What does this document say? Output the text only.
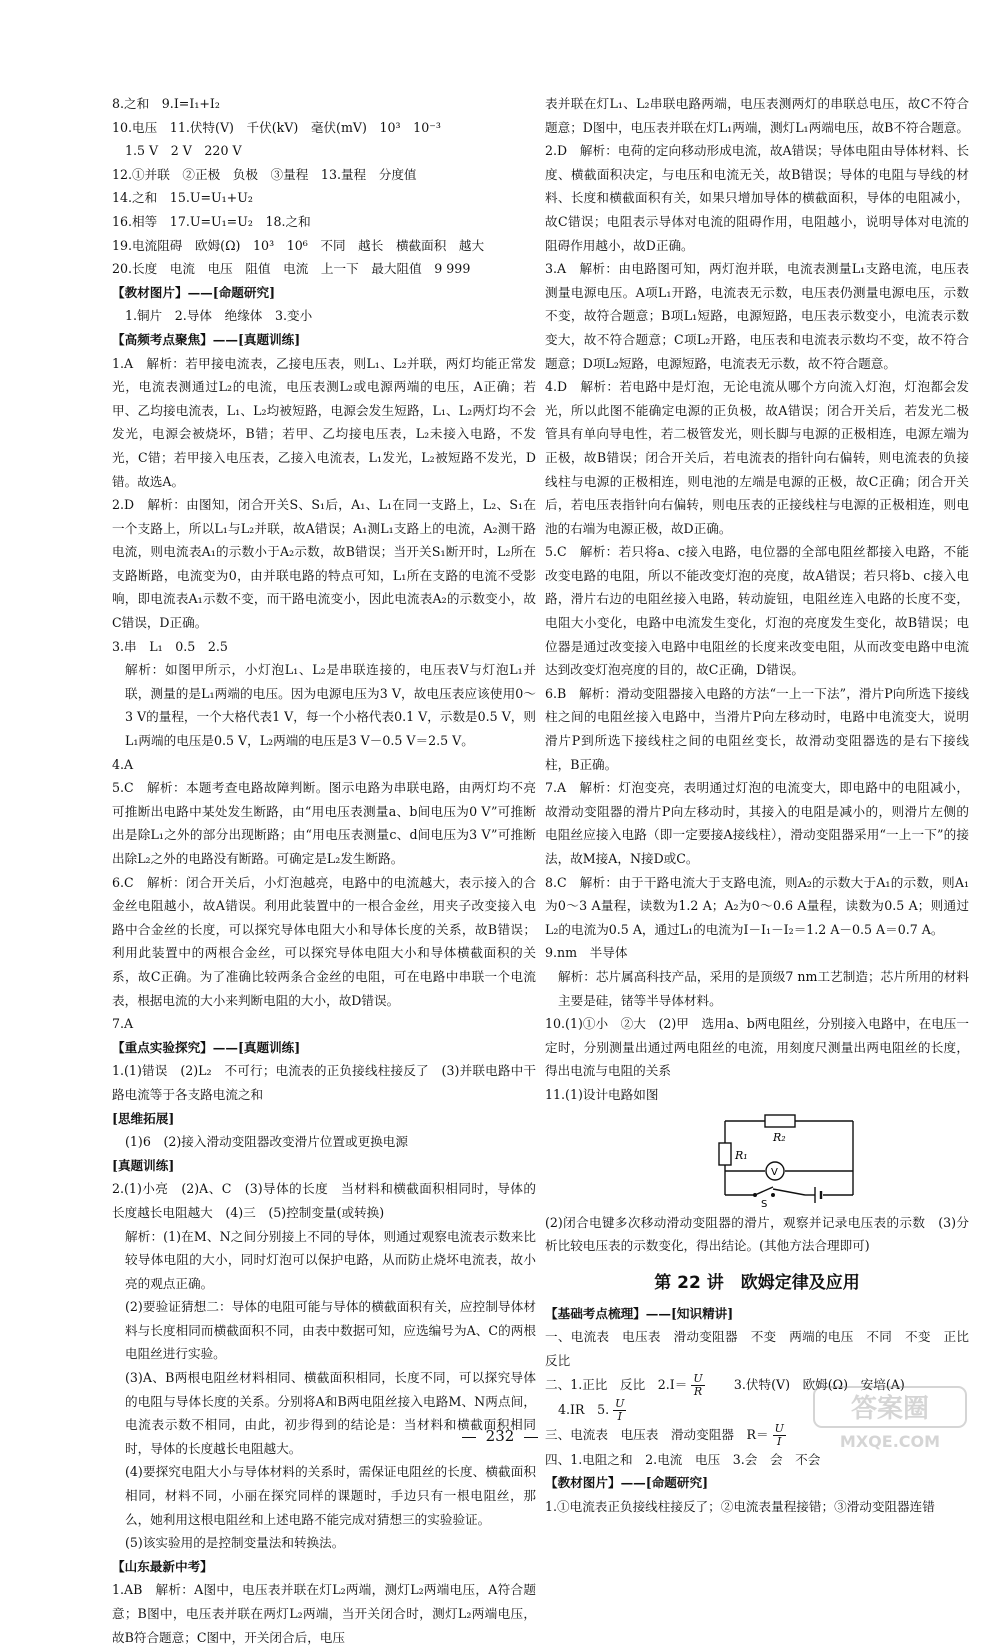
8.之和　9.I=I₁+I₂

10.电压　11.伏特(V)　千伏(kV)　毫伏(mV)　10³　10⁻³

1.5 V　2 V　220 V

12.①并联　②正极　负极　③量程　13.量程　分度值

14.之和　15.U=U₁+U₂

16.相等　17.U=U₁=U₂　18.之和

19.电流阻碍　欧姆(Ω)　10³　10⁶　不同　越长　横截面积　越大

20.长度　电流　电压　阻值　电流　上一下　最大阻值　9 999

【教材图片】——[命题研究]

1.铜片　2.导体　绝缘体　3.变小

【高频考点聚焦】——[真题训练]

1.A　解析：若甲接电流表，乙接电压表，则L₁、L₂并联，两灯均能正常发光，电流表测通过L₂的电流，电压表测L₂或电源两端的电压，A正确；若甲、乙均接电流表，L₁、L₂均被短路，电源会发生短路，L₁、L₂两灯均不会发光，电源会被烧坏，B错；若甲、乙均接电压表，L₂未接入电路，不发光，C错；若甲接入电压表，乙接入电流表，L₁发光，L₂被短路不发光，D错。故选A。

2.D　解析：由图知，闭合开关S、S₁后，A₁、L₁在同一支路上，L₂、S₁在一个支路上，所以L₁与L₂并联，故A错误；A₁测L₁支路上的电流，A₂测干路电流，则电流表A₁的示数小于A₂示数，故B错误；当开关S₁断开时，L₂所在支路断路，电流变为0，由并联电路的特点可知，L₁所在支路的电流不受影响，即电流表A₁示数不变，而干路电流变小，因此电流表A₂的示数变小，故C错误，D正确。

3.串　L₁　0.5　2.5

解析：如图甲所示，小灯泡L₁、L₂是串联连接的，电压表V与灯泡L₁并联，测量的是L₁两端的电压。因为电源电压为3 V，故电压表应该使用0～3 V的量程，一个大格代表1 V，每一个小格代表0.1 V，示数是0.5 V，则L₁两端的电压是0.5 V，L₂两端的电压是3 V－0.5 V＝2.5 V。

4.A

5.C　解析：本题考查电路故障判断。图示电路为串联电路，由两灯均不亮可推断出电路中某处发生断路，由“用电压表测量a、b间电压为0 V”可推断出是除L₁之外的部分出现断路；由“用电压表测量c、d间电压为3 V”可推断出除L₂之外的电路没有断路。可确定是L₂发生断路。

6.C　解析：闭合开关后，小灯泡越亮，电路中的电流越大，表示接入的合金丝电阻越小，故A错误。利用此装置中的一根合金丝，用夹子改变接入电路中合金丝的长度，可以探究导体电阻大小和导体长度的关系，故B错误；利用此装置中的两根合金丝，可以探究导体电阻大小和导体横截面积的关系，故C正确。为了准确比较两条合金丝的电阻，可在电路中串联一个电流表，根据电流的大小来判断电阻的大小，故D错误。

7.A

【重点实验探究】——[真题训练]

1.(1)错误　(2)L₂　不可行；电流表的正负接线柱接反了　(3)并联电路中干路电流等于各支路电流之和

[思维拓展]

(1)6　(2)接入滑动变阻器改变滑片位置或更换电源

[真题训练]

2.(1)小亮　(2)A、C　(3)导体的长度　当材料和横截面积相同时，导体的长度越长电阻越大　(4)三　(5)控制变量(或转换)

解析：(1)在M、N之间分别接上不同的导体，则通过观察电流表示数来比较导体电阻的大小，同时灯泡可以保护电路，从而防止烧坏电流表，故小亮的观点正确。

(2)要验证猜想二：导体的电阻可能与导体的横截面积有关，应控制导体材料与长度相同而横截面积不同，由表中数据可知，应选编号为A、C的两根电阻丝进行实验。

(3)A、B两根电阻丝材料相同、横截面积相同，长度不同，可以探究导体的电阻与导体长度的关系。分别将A和B两电阻丝接入电路M、N两点间，电流表示数不相同，由此，初步得到的结论是：当材料和横截面积相同时，导体的长度越长电阻越大。

(4)要探究电阻大小与导体材料的关系时，需保证电阻丝的长度、横截面积相同，材料不同，小丽在探究同样的课题时，手边只有一根电阻丝，那么，她利用这根电阻丝和上述电路不能完成对猜想三的实验验证。

(5)该实验用的是控制变量法和转换法。

【山东最新中考】

1.AB　解析：A图中，电压表并联在灯L₂两端，测灯L₂两端电压，A符合题意；B图中，电压表并联在两灯L₂两端，当开关闭合时，测灯L₂两端电压，故B符合题意；C图中，开关闭合后，电压

表并联在灯L₁、L₂串联电路两端，电压表测两灯的串联总电压，故C不符合题意；D图中，电压表并联在灯L₁两端，测灯L₁两端电压，故B不符合题意。

2.D　解析：电荷的定向移动形成电流，故A错误；导体电阻由导体材料、长度、横截面积决定，与电压和电流无关，故B错误；导体的电阻与导线的材料、长度和横截面积有关，如果只增加导体的横截面积，导体的电阻减小，故C错误；电阻表示导体对电流的阻碍作用，电阻越小，说明导体对电流的阻碍作用越小，故D正确。

3.A　解析：由电路图可知，两灯泡并联，电流表测量L₁支路电流，电压表测量电源电压。A项L₁开路，电流表无示数，电压表仍测量电源电压，示数不变，故符合题意；B项L₁短路，电源短路，电压表示数变小，电流表示数变大，故不符合题意；C项L₂开路，电压表和电流表示数均不变，故不符合题意；D项L₂短路，电源短路，电流表无示数，故不符合题意。

4.D　解析：若电路中是灯泡，无论电流从哪个方向流入灯泡，灯泡都会发光，所以此图不能确定电源的正负极，故A错误；闭合开关后，若发光二极管具有单向导电性，若二极管发光，则长脚与电源的正极相连，电源左端为正极，故B错误；闭合开关后，若电流表的指针向右偏转，则电流表的负接线柱与电源的正极相连，则电池的左端是电源的正极，故C正确；闭合开关后，若电压表指针向右偏转，则电压表的正接线柱与电源的正极相连，则电池的右端为电源正极，故D正确。

5.C　解析：若只将a、c接入电路，电位器的全部电阻丝都接入电路，不能改变电路的电阻，所以不能改变灯泡的亮度，故A错误；若只将b、c接入电路，滑片右边的电阻丝接入电路，转动旋钮，电阻丝连入电路的长度不变，电阻大小变化，电路中电流发生变化，灯泡的亮度发生变化，故B错误；电位器是通过改变接入电路中电阻丝的长度来改变电阻，从而改变电路中电流达到改变灯泡亮度的目的，故C正确，D错误。

6.B　解析：滑动变阻器接入电路的方法“一上一下法”，滑片P向所选下接线柱之间的电阻丝接入电路中，当滑片P向左移动时，电路中电流变大，说明滑片P到所选下接线柱之间的电阻丝变长，故滑动变阻器选的是右下接线柱，B正确。

7.A　解析：灯泡变亮，表明通过灯泡的电流变大，即电路中的电阻减小，故滑动变阻器的滑片P向左移动时，其接入的电阻是减小的，则滑片左侧的电阻丝应接入电路（即一定要接A接线柱），滑动变阻器采用“一上一下”的接法，故M接A，N接D或C。

8.C　解析：由于干路电流大于支路电流，则A₂的示数大于A₁的示数，则A₁为0～3 A量程，读数为1.2 A；A₂为0～0.6 A量程，读数为0.5 A；则通过L₂的电流为0.5 A，通过L₁的电流为I－I₁－I₂＝1.2 A－0.5 A＝0.7 A。

9.nm　半导体

解析：芯片属高科技产品，采用的是顶级7 nm工艺制造；芯片所用的材料主要是硅，锗等半导体材料。

10.(1)①小　②大　(2)甲　选用a、b两电阻丝，分别接入电路中，在电压一定时，分别测量出通过两电阻丝的电流，用刻度尺测量出两电阻丝的长度，得出电流与电阻的关系

11.(1)设计电路如图

R₂
R₁
V
S

(2)闭合电键多次移动滑动变阻器的滑片，观察并记录电压表的示数　(3)分析比较电压表的示数变化，得出结论。(其他方法合理即可)

第 22 讲　欧姆定律及应用

【基础考点梳理】——[知识精讲]

一、电流表　电压表　滑动变阻器　不变　两端的电压　不同　不变　正比　反比

二、1.正比　反比　$2.I= \frac{U}{R}$ 　　3.伏特(V)　欧姆(Ω)　安培(A)

4.IR　5. $\frac{U}{I}$

三、电流表　电压表　滑动变阻器　$R= \frac{U}{I}$

四、1.电阻之和　2.电流　电压　3.会　会　不会

【教材图片】——[命题研究]

1.①电流表正负接线柱接反了；②电流表量程接错；③滑动变阻器连错

232
答案圈
MXQE.COM
